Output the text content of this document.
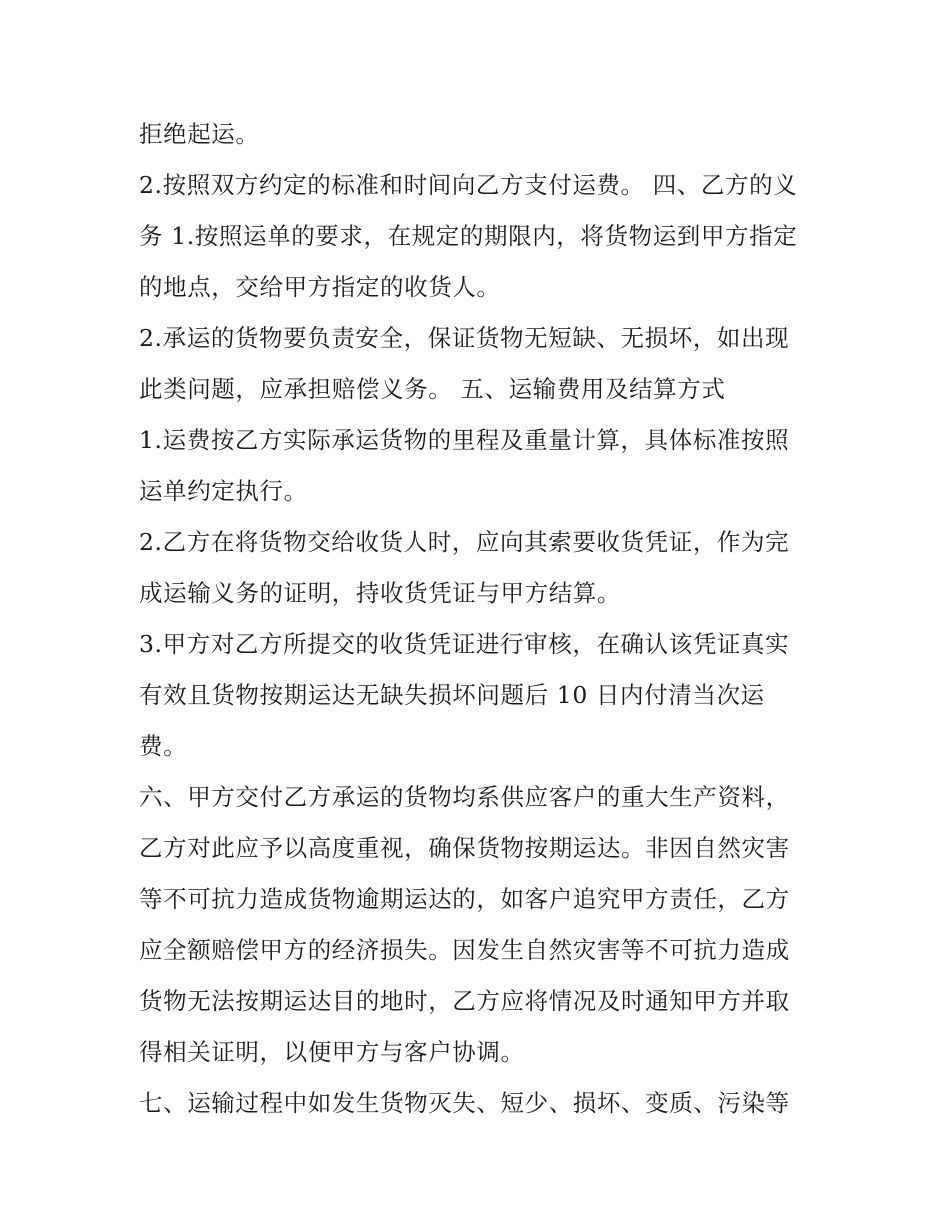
拒绝起运。
2.按照双方约定的标准和时间向乙方支付运费。 四、乙方的义
务 1.按照运单的要求，在规定的期限内，将货物运到甲方指定
的地点，交给甲方指定的收货人。
2.承运的货物要负责安全，保证货物无短缺、无损坏，如出现
此类问题，应承担赔偿义务。 五、运输费用及结算方式
1.运费按乙方实际承运货物的里程及重量计算，具体标准按照
运单约定执行。
2.乙方在将货物交给收货人时，应向其索要收货凭证，作为完
成运输义务的证明，持收货凭证与甲方结算。
3.甲方对乙方所提交的收货凭证进行审核，在确认该凭证真实
有效且货物按期运达无缺失损坏问题后 10 日内付清当次运
费。
六、甲方交付乙方承运的货物均系供应客户的重大生产资料，
乙方对此应予以高度重视，确保货物按期运达。非因自然灾害
等不可抗力造成货物逾期运达的，如客户追究甲方责任，乙方
应全额赔偿甲方的经济损失。因发生自然灾害等不可抗力造成
货物无法按期运达目的地时，乙方应将情况及时通知甲方并取
得相关证明，以便甲方与客户协调。
七、运输过程中如发生货物灭失、短少、损坏、变质、污染等
